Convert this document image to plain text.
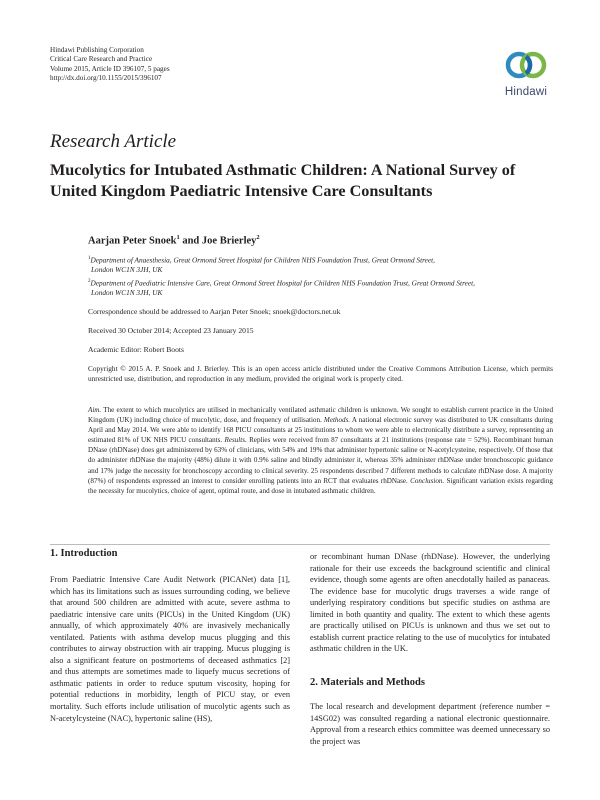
Hindawi Publishing Corporation
Critical Care Research and Practice
Volume 2015, Article ID 396107, 5 pages
http://dx.doi.org/10.1155/2015/396107
Hindawi
Research Article
Mucolytics for Intubated Asthmatic Children: A National Survey of United Kingdom Paediatric Intensive Care Consultants
Aarjan Peter Snoek$^1$ and Joe Brierley$^2$
$^1$Department of Anaesthesia, Great Ormond Street Hospital for Children NHS Foundation Trust, Great Ormond Street,
London WC1N 3JH, UK
$^2$Department of Paediatric Intensive Care, Great Ormond Street Hospital for Children NHS Foundation Trust, Great Ormond Street,
London WC1N 3JH, UK
Correspondence should be addressed to Aarjan Peter Snoek; snoek@doctors.net.uk
Received 30 October 2014; Accepted 23 January 2015
Academic Editor: Robert Boots
Copyright © 2015 A. P. Snoek and J. Brierley. This is an open access article distributed under the Creative Commons Attribution License, which permits unrestricted use, distribution, and reproduction in any medium, provided the original work is properly cited.
Aim. The extent to which mucolytics are utilised in mechanically ventilated asthmatic children is unknown. We sought to establish current practice in the United Kingdom (UK) including choice of mucolytic, dose, and frequency of utilisation. Methods. A national electronic survey was distributed to UK consultants during April and May 2014. We were able to identify 168 PICU consultants at 25 institutions to whom we were able to electronically distribute a survey, representing an estimated 81% of UK NHS PICU consultants. Results. Replies were received from 87 consultants at 21 institutions (response rate = 52%). Recombinant human DNase (rhDNase) does get administered by 63% of clinicians, with 54% and 19% that administer hypertonic saline or N-acetylcysteine, respectively. Of those that do administer rhDNase the majority (48%) dilute it with 0.9% saline and blindly administer it, whereas 35% administer rhDNase under bronchoscopic guidance and 17% judge the necessity for bronchoscopy according to clinical severity. 25 respondents described 7 different methods to calculate rhDNase dose. A majority (87%) of respondents expressed an interest to consider enrolling patients into an RCT that evaluates rhDNase. Conclusion. Significant variation exists regarding the necessity for mucolytics, choice of agent, optimal route, and dose in intubated asthmatic children.
1. Introduction
From Paediatric Intensive Care Audit Network (PICANet) data [1], which has its limitations such as issues surrounding coding, we believe that around 500 children are admitted with acute, severe asthma to paediatric intensive care units (PICUs) in the United Kingdom (UK) annually, of which approximately 40% are invasively mechanically ventilated. Patients with asthma develop mucus plugging and this contributes to airway obstruction with air trapping. Mucus plugging is also a significant feature on postmortems of deceased asthmatics [2] and thus attempts are sometimes made to liquefy mucus secretions of asthmatic patients in order to reduce sputum viscosity, hoping for potential reductions in morbidity, length of PICU stay, or even mortality. Such efforts include utilisation of mucolytic agents such as N-acetylcysteine (NAC), hypertonic saline (HS),
or recombinant human DNase (rhDNase). However, the underlying rationale for their use exceeds the background scientific and clinical evidence, though some agents are often anecdotally hailed as panaceas. The evidence base for mucolytic drugs traverses a wide range of underlying respiratory conditions but specific studies on asthma are limited in both quantity and quality. The extent to which these agents are practically utilised on PICUs is unknown and thus we set out to establish current practice relating to the use of mucolytics for intubated asthmatic children in the UK.
2. Materials and Methods
The local research and development department (reference number = 14SG02) was consulted regarding a national electronic questionnaire. Approval from a research ethics committee was deemed unnecessary so the project was
